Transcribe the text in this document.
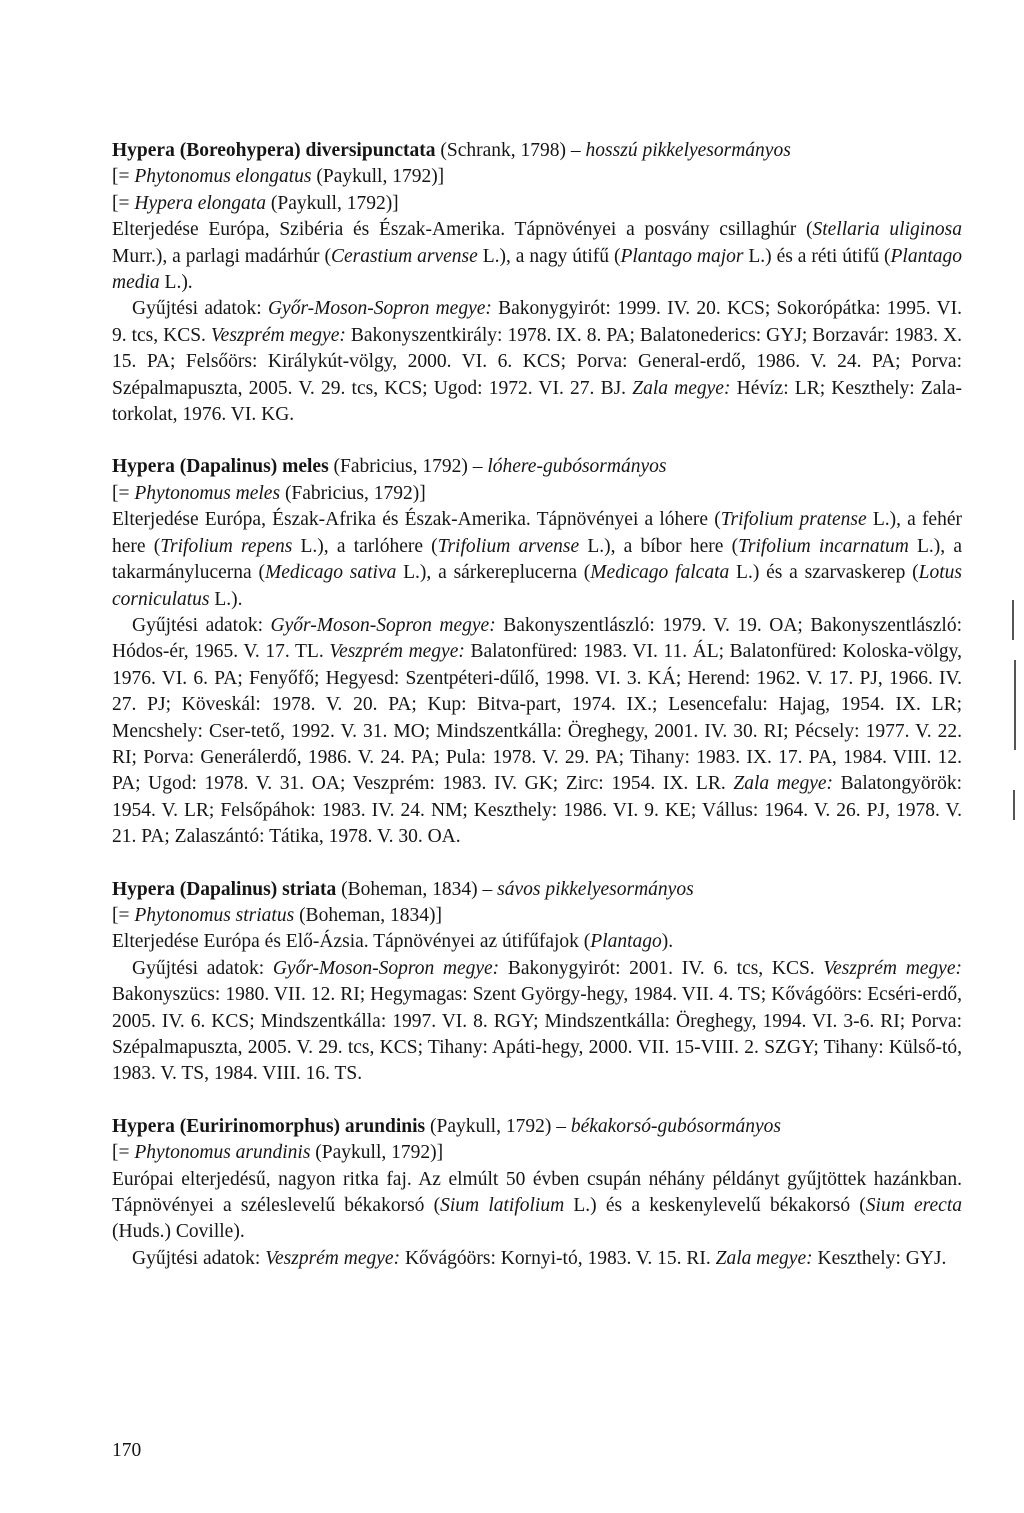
Hypera (Boreohypera) diversipunctata (Schrank, 1798) – hosszú pikkelyesormányos
[= Phytonomus elongatus (Paykull, 1792)]
[= Hypera elongata (Paykull, 1792)]
Elterjedése Európa, Szibéria és Észak-Amerika. Tápnövényei a posvány csillaghúr (Stellaria uliginosa Murr.), a parlagi madárhúr (Cerastium arvense L.), a nagy útifű (Plantago major L.) és a réti útifű (Plantago media L.).
Gyűjtési adatok: Győr-Moson-Sopron megye: Bakonygyirót: 1999. IV. 20. KCS; Sokorópátka: 1995. VI. 9. tcs, KCS. Veszprém megye: Bakonyszentkirály: 1978. IX. 8. PA; Balatonederics: GYJ; Borzavár: 1983. X. 15. PA; Felsőörs: Királykút-völgy, 2000. VI. 6. KCS; Porva: General-erdő, 1986. V. 24. PA; Porva: Szépalmapuszta, 2005. V. 29. tcs, KCS; Ugod: 1972. VI. 27. BJ. Zala megye: Hévíz: LR; Keszthely: Zala-torkolat, 1976. VI. KG.
Hypera (Dapalinus) meles (Fabricius, 1792) – lóhere-gubósormányos
[= Phytonomus meles (Fabricius, 1792)]
Elterjedése Európa, Észak-Afrika és Észak-Amerika. Tápnövényei a lóhere (Trifolium pratense L.), a fehér here (Trifolium repens L.), a tarlóhere (Trifolium arvense L.), a bíbor here (Trifolium incarnatum L.), a takarmánylucerna (Medicago sativa L.), a sárkereplucerna (Medicago falcata L.) és a szarvaskerep (Lotus corniculatus L.).
Gyűjtési adatok: Győr-Moson-Sopron megye: Bakonyszentlászló: 1979. V. 19. OA; Bakonyszentlászló: Hódos-ér, 1965. V. 17. TL. Veszprém megye: Balatonfüred: 1983. VI. 11. ÁL; Balatonfüred: Koloska-völgy, 1976. VI. 6. PA; Fenyőfő; Hegyesd: Szentpéteri-dűlő, 1998. VI. 3. KÁ; Herend: 1962. V. 17. PJ, 1966. IV. 27. PJ; Köveskál: 1978. V. 20. PA; Kup: Bitva-part, 1974. IX.; Lesencefalu: Hajag, 1954. IX. LR; Mencshely: Cser-tető, 1992. V. 31. MO; Mindszentkálla: Öreghegy, 2001. IV. 30. RI; Pécsely: 1977. V. 22. RI; Porva: Generálerdő, 1986. V. 24. PA; Pula: 1978. V. 29. PA; Tihany: 1983. IX. 17. PA, 1984. VIII. 12. PA; Ugod: 1978. V. 31. OA; Veszprém: 1983. IV. GK; Zirc: 1954. IX. LR. Zala megye: Balatongyörök: 1954. V. LR; Felsőpáhok: 1983. IV. 24. NM; Keszthely: 1986. VI. 9. KE; Vállus: 1964. V. 26. PJ, 1978. V. 21. PA; Zalaszántó: Tátika, 1978. V. 30. OA.
Hypera (Dapalinus) striata (Boheman, 1834) – sávos pikkelyesormányos
[= Phytonomus striatus (Boheman, 1834)]
Elterjedése Európa és Elő-Ázsia. Tápnövényei az útifűfajok (Plantago).
Gyűjtési adatok: Győr-Moson-Sopron megye: Bakonygyirót: 2001. IV. 6. tcs, KCS. Veszprém megye: Bakonyszücs: 1980. VII. 12. RI; Hegymagas: Szent György-hegy, 1984. VII. 4. TS; Kővágóörs: Ecséri-erdő, 2005. IV. 6. KCS; Mindszentkálla: 1997. VI. 8. RGY; Mindszentkálla: Öreghegy, 1994. VI. 3-6. RI; Porva: Szépalmapuszta, 2005. V. 29. tcs, KCS; Tihany: Apáti-hegy, 2000. VII. 15-VIII. 2. SZGY; Tihany: Külső-tó, 1983. V. TS, 1984. VIII. 16. TS.
Hypera (Euririnomorphus) arundinis (Paykull, 1792) – békakorsó-gubósormányos
[= Phytonomus arundinis (Paykull, 1792)]
Európai elterjedésű, nagyon ritka faj. Az elmúlt 50 évben csupán néhány példányt gyűjtöttek hazánkban. Tápnövényei a széleslevelű békakorsó (Sium latifolium L.) és a keskenylevelű békakorsó (Sium erecta (Huds.) Coville).
Gyűjtési adatok: Veszprém megye: Kővágóörs: Kornyi-tó, 1983. V. 15. RI. Zala megye: Keszthely: GYJ.
170
